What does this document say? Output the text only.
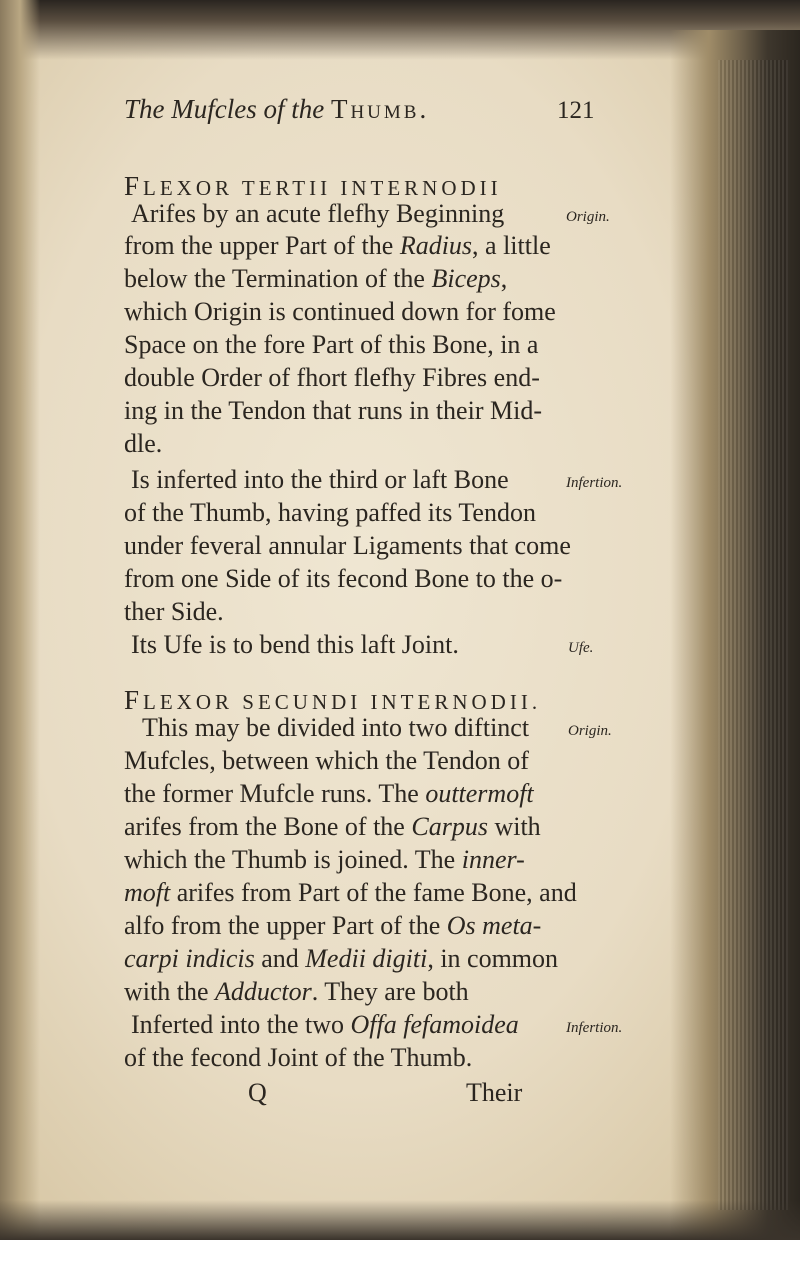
The Mufcles of the Thumb.	121
FLEXOR TERTII INTERNODII
Arifes by an acute flefhy Beginning
from the upper Part of the Radius, a little
below the Termination of the Biceps,
which Origin is continued down for fome
Space on the fore Part of this Bone, in a
double Order of fhort flefhy Fibres end-
ing in the Tendon that runs in their Mid-
dle.
Is inferted into the third or laft Bone
of the Thumb, having paffed its Tendon
under feveral annular Ligaments that come
from one Side of its fecond Bone to the o-
ther Side.
Its Ufe is to bend this laft Joint.
Origin.
Infertion.
Ufe.
FLEXOR SECUNDI INTERNODII.
This may be divided into two diftinct
Mufcles, between which the Tendon of
the former Mufcle runs. The outtermoft
arifes from the Bone of the Carpus with
which the Thumb is joined. The inner-
moft arifes from Part of the fame Bone, and
alfo from the upper Part of the Os meta-
carpi indicis and Medii digiti, in common
with the Adductor. They are both
Inferted into the two Offa fefamoidea
of the fecond Joint of the Thumb.
Origin.
Infertion.
Q	Their
